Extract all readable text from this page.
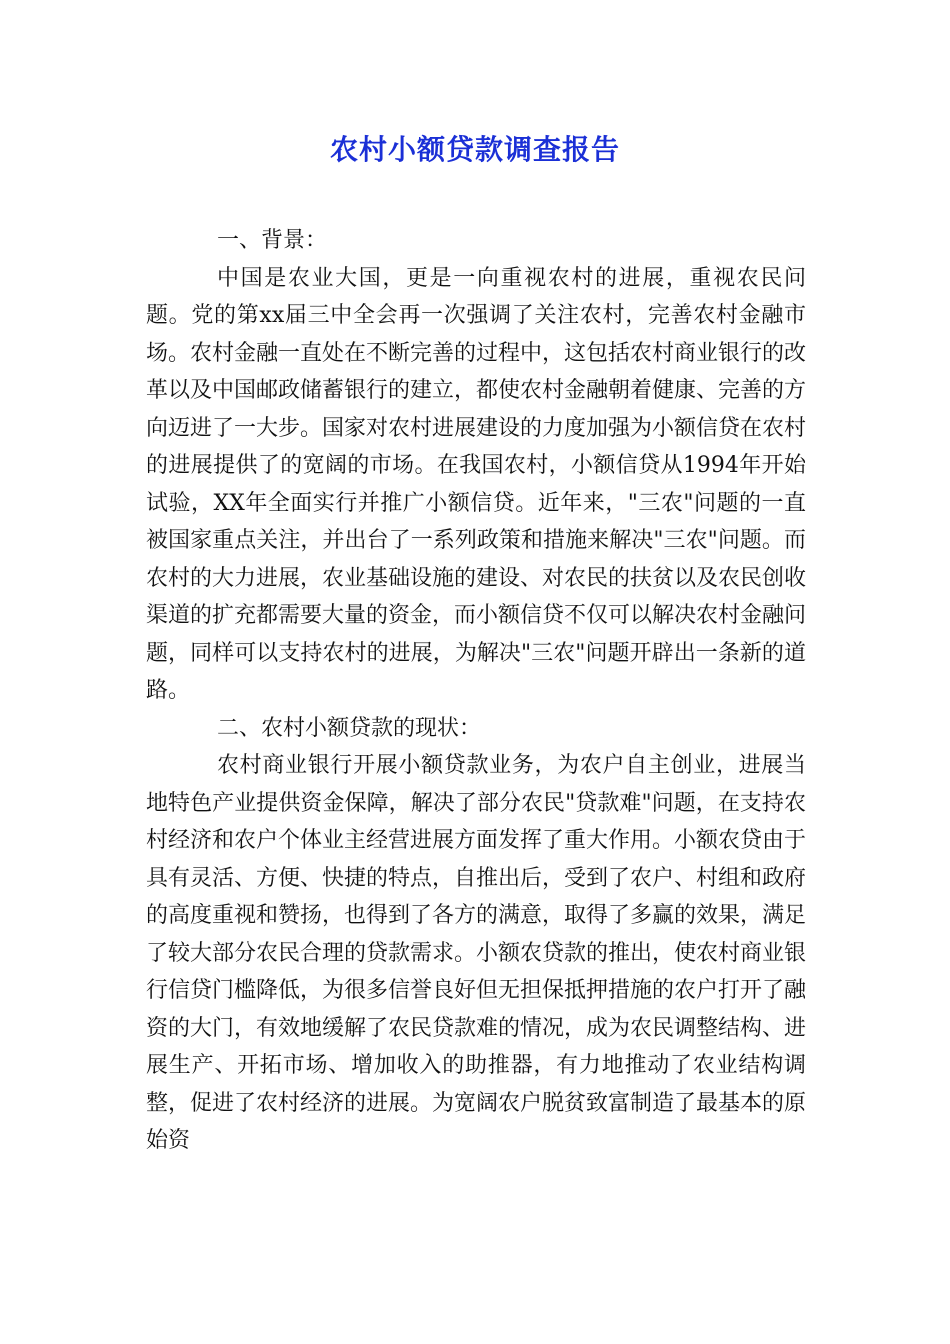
农村小额贷款调查报告

一、背景：

中国是农业大国，更是一向重视农村的进展，重视农民问题。党的第xx届三中全会再一次强调了关注农村，完善农村金融市场。农村金融一直处在不断完善的过程中，这包括农村商业银行的改革以及中国邮政储蓄银行的建立，都使农村金融朝着健康、完善的方向迈进了一大步。国家对农村进展建设的力度加强为小额信贷在农村的进展提供了的宽阔的市场。在我国农村，小额信贷从1994年开始试验，XX年全面实行并推广小额信贷。近年来，"三农"问题的一直被国家重点关注，并出台了一系列政策和措施来解决"三农"问题。而农村的大力进展，农业基础设施的建设、对农民的扶贫以及农民创收渠道的扩充都需要大量的资金，而小额信贷不仅可以解决农村金融问题，同样可以支持农村的进展，为解决"三农"问题开辟出一条新的道路。

二、农村小额贷款的现状：

农村商业银行开展小额贷款业务，为农户自主创业，进展当地特色产业提供资金保障，解决了部分农民"贷款难"问题，在支持农村经济和农户个体业主经营进展方面发挥了重大作用。小额农贷由于具有灵活、方便、快捷的特点，自推出后，受到了农户、村组和政府的高度重视和赞扬，也得到了各方的满意，取得了多赢的效果，满足了较大部分农民合理的贷款需求。小额农贷款的推出，使农村商业银行信贷门槛降低，为很多信誉良好但无担保抵押措施的农户打开了融资的大门，有效地缓解了农民贷款难的情况，成为农民调整结构、进展生产、开拓市场、增加收入的助推器，有力地推动了农业结构调整，促进了农村经济的进展。为宽阔农户脱贫致富制造了最基本的原始资
